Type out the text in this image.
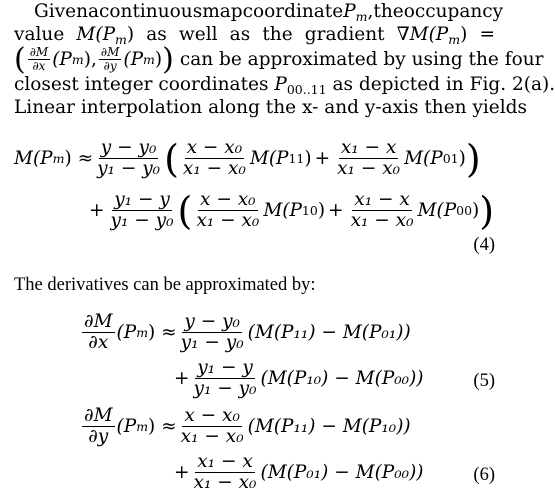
Given a continuous map coordinate $P_m$, the occupancy
value $M(P_m)$ as well as the gradient $\nabla M(P_m)$ =
( $\frac{\partial M}{\partial x} (P$ m ), $\frac{\partial M}{\partial y} (P$ m ) ) can be approximated by using the four
closest integer coordinates $P_{00..11}$ as depicted in Fig. 2(a).
Linear interpolation along the x- and y-axis then yields
M(P m ) ≈ $\frac{\text{y − y₀}}{\text{y₁ − y₀}}$ ( $\frac{\text{x − x₀}}{\text{x₁ − x₀}} M(P$ 11 ) + $\frac{\text{x₁ − x}}{\text{x₁ − x₀}} M(P$ 01 ) )
+ $\frac{\text{y₁ − y}}{\text{y₁ − y₀}}$ ( $\frac{\text{x − x₀}}{\text{x₁ − x₀}} M(P$ 10 ) + $\frac{\text{x₁ − x}}{\text{x₁ − x₀}} M(P$ 00 ) )
(4)
The derivatives can be approximated by:
$\frac{\partial M}{\partial x} (P$ m ) ≈ $\frac{\text{y − y₀}}{\text{y₁ − y₀}} (M(P_{11}) - M(P_{01}))$
+ $\frac{\text{y₁ − y}}{\text{y₁ − y₀}} (M(P_{10}) - M(P_{00}))$	(5)
$\frac{\partial M}{\partial y} (P$ m ) ≈ $\frac{\text{x − x₀}}{\text{x₁ − x₀}} (M(P_{11}) - M(P_{10}))$
+ $\frac{\text{x₁ − x}}{\text{x₁ − x₀}} (M(P_{01}) - M(P_{00}))$	(6)
